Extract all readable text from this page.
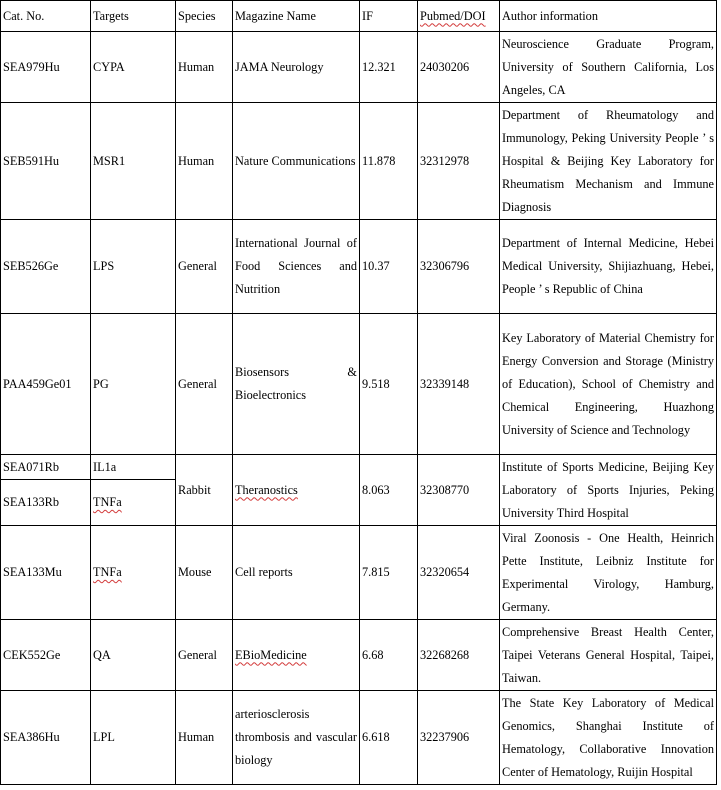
Cat. No.	Targets	Species	Magazine Name	IF	Pubmed/DOI	Author information
SEA979Hu	CYPA	Human	JAMA Neurology	12.321	24030206	Neuroscience Graduate Program, University of Southern California, Los Angeles, CA
SEB591Hu	MSR1	Human	Nature Communications	11.878	32312978	Department of Rheumatology and Immunology, Peking University People ’ s Hospital & Beijing Key Laboratory for Rheumatism Mechanism and Immune Diagnosis
SEB526Ge	LPS	General	International Journal of Food Sciences and Nutrition	10.37	32306796	Department of Internal Medicine, Hebei Medical University, Shijiazhuang, Hebei, People ’ s Republic of China
PAA459Ge01	PG	General	Biosensors & Bioelectronics	9.518	32339148	Key Laboratory of Material Chemistry for Energy Conversion and Storage (Ministry of Education), School of Chemistry and Chemical Engineering, Huazhong University of Science and Technology
SEA071Rb	IL1a	Rabbit	Theranostics	8.063	32308770	Institute of Sports Medicine, Beijing Key Laboratory of Sports Injuries, Peking University Third Hospital
SEA133Rb	TNFa					
SEA133Mu	TNFa	Mouse	Cell reports	7.815	32320654	Viral Zoonosis - One Health, Heinrich Pette Institute, Leibniz Institute for Experimental Virology, Hamburg, Germany.
CEK552Ge	QA	General	EBioMedicine	6.68	32268268	Comprehensive Breast Health Center, Taipei Veterans General Hospital, Taipei, Taiwan.
SEA386Hu	LPL	Human	arteriosclerosis thrombosis and vascular biology	6.618	32237906	The State Key Laboratory of Medical Genomics, Shanghai Institute of Hematology, Collaborative Innovation Center of Hematology, Ruijin Hospital
